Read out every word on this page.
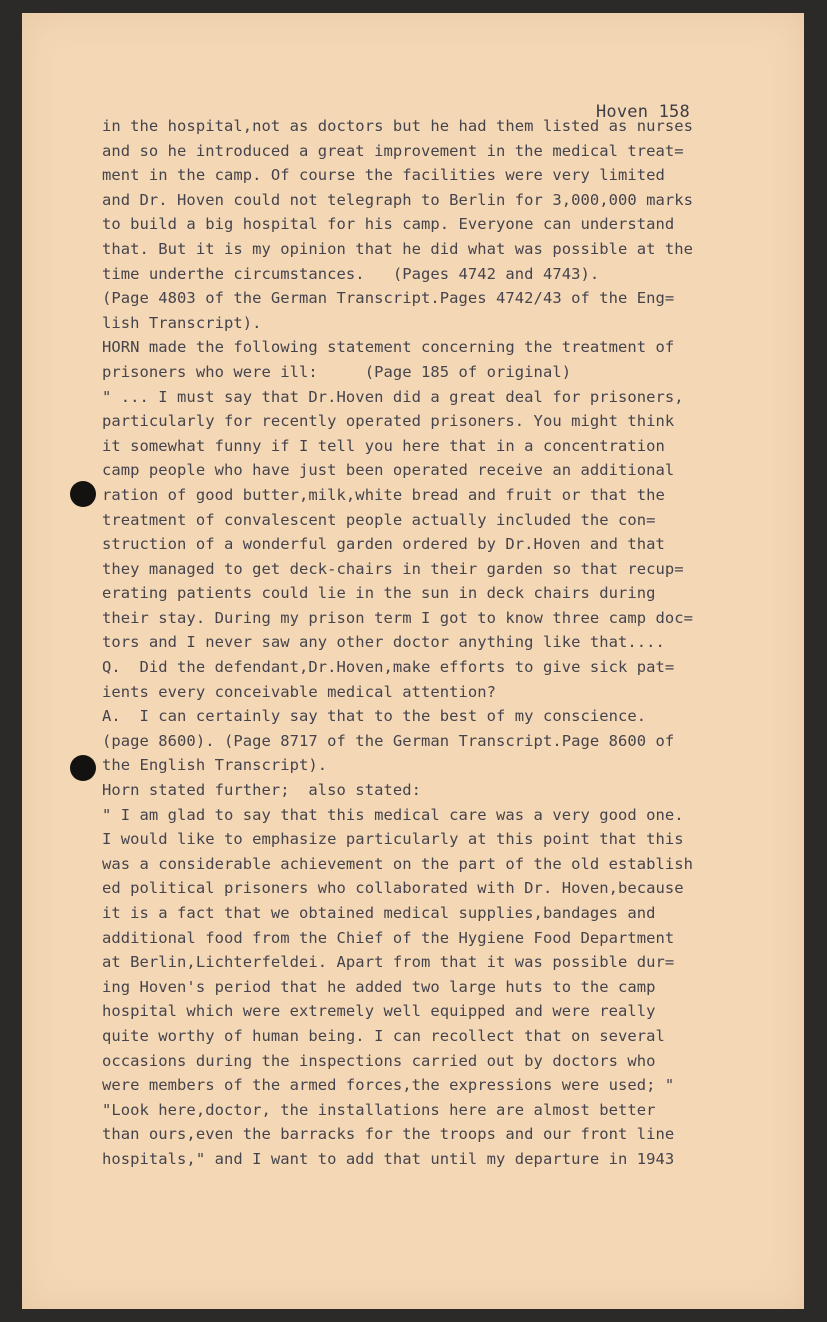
Hoven 158
in the hospital,not as doctors but he had them listed as nurses
and so he introduced a great improvement in the medical treat=
ment in the camp. Of course the facilities were very limited
and Dr. Hoven could not telegraph to Berlin for 3,000,000 marks
to build a big hospital for his camp. Everyone can understand
that. But it is my opinion that he did what was possible at the
time underthe circumstances.   (Pages 4742 and 4743).
(Page 4803 of the German Transcript.Pages 4742/43 of the Eng=
lish Transcript).
HORN made the following statement concerning the treatment of
prisoners who were ill:     (Page 185 of original)
" ... I must say that Dr.Hoven did a great deal for prisoners,
particularly for recently operated prisoners. You might think
it somewhat funny if I tell you here that in a concentration
camp people who have just been operated receive an additional
ration of good butter,milk,white bread and fruit or that the
treatment of convalescent people actually included the con=
struction of a wonderful garden ordered by Dr.Hoven and that
they managed to get deck-chairs in their garden so that recup=
erating patients could lie in the sun in deck chairs during
their stay. During my prison term I got to know three camp doc=
tors and I never saw any other doctor anything like that....
Q.  Did the defendant,Dr.Hoven,make efforts to give sick pat=
ients every conceivable medical attention?
A.  I can certainly say that to the best of my conscience.
(page 8600). (Page 8717 of the German Transcript.Page 8600 of
the English Transcript).
Horn stated further;  also stated:
" I am glad to say that this medical care was a very good one.
I would like to emphasize particularly at this point that this
was a considerable achievement on the part of the old establish
ed political prisoners who collaborated with Dr. Hoven,because
it is a fact that we obtained medical supplies,bandages and
additional food from the Chief of the Hygiene Food Department
at Berlin,Lichterfeldei. Apart from that it was possible dur=
ing Hoven's period that he added two large huts to the camp
hospital which were extremely well equipped and were really
quite worthy of human being. I can recollect that on several
occasions during the inspections carried out by doctors who
were members of the armed forces,the expressions were used; "
"Look here,doctor, the installations here are almost better
than ours,even the barracks for the troops and our front line
hospitals," and I want to add that until my departure in 1943
